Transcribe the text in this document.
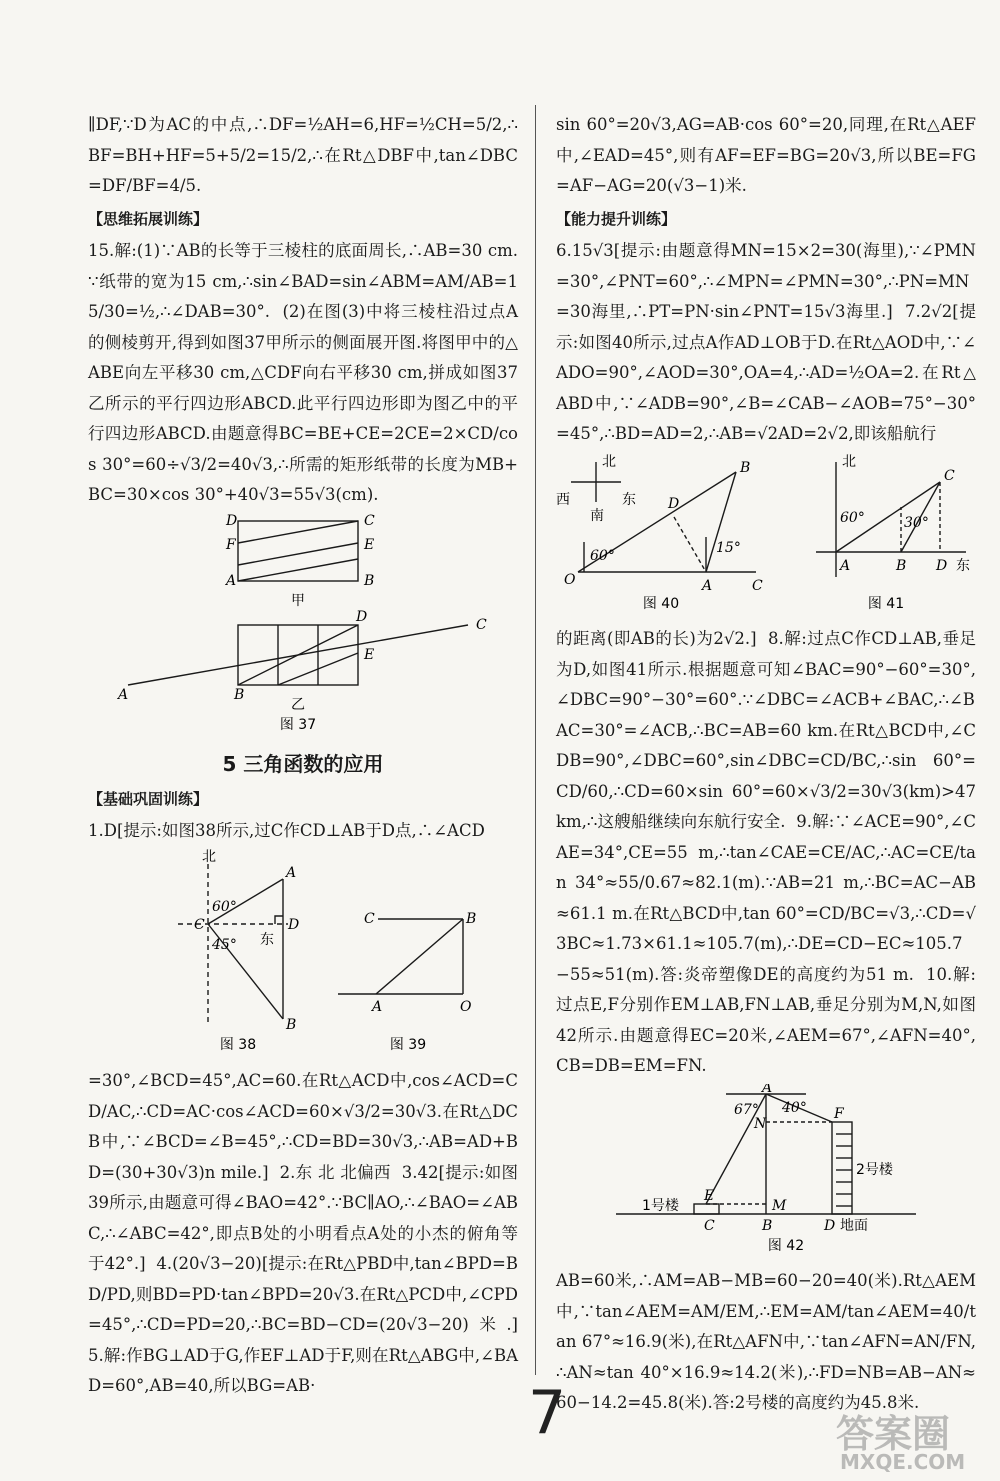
∥DF,∵D为AC的中点,∴DF=½AH=6,HF=½CH=5/2,∴BF=BH+HF=5+5/2=15/2,∴在Rt△DBF中,tan∠DBC=DF/BF=4/5.

【思维拓展训练】

15.解:(1)∵AB的长等于三棱柱的底面周长,∴AB=30 cm.∵纸带的宽为15 cm,∴sin∠BAD=sin∠ABM=AM/AB=15/30=½,∴∠DAB=30°.  (2)在图(3)中将三棱柱沿过点A的侧棱剪开,得到如图37甲所示的侧面展开图.将图甲中的△ABE向左平移30 cm,△CDF向右平移30 cm,拼成如图37乙所示的平行四边形ABCD.此平行四边形即为图乙中的平行四边形ABCD.由题意得BC=BE+CE=2CE=2×CD/cos 30°=60÷√3/2=40√3,∴所需的矩形纸带的长度为MB+BC=30×cos 30°+40√3=55√3(cm).

D	C
F	E
A	B
甲
D	C
E
A	B
乙
图 37
5 三角函数的应用
【基础巩固训练】

1.D[提示:如图38所示,过C作CD⊥AB于D点,∴∠ACD

北
A
C	D
B
东
60°
45°
图 38
C	B
A	O
图 39

=30°,∠BCD=45°,AC=60.在Rt△ACD中,cos∠ACD=CD/AC,∴CD=AC·cos∠ACD=60×√3/2=30√3.在Rt△DCB中,∵∠BCD=∠B=45°,∴CD=BD=30√3,∴AB=AD+BD=(30+30√3)n mile.]  2.东 北 北偏西  3.42[提示:如图39所示,由题意可得∠BAO=42°.∵BC∥AO,∴∠BAO=∠ABC,∴∠ABC=42°,即点B处的小明看点A处的小杰的俯角等于42°.]  4.(20√3−20)[提示:在Rt△PBD中,tan∠BPD=BD/PD,则BD=PD·tan∠BPD=20√3.在Rt△PCD中,∠CPD=45°,∴CD=PD=20,∴BC=BD−CD=(20√3−20)米.]  5.解:作BG⊥AD于G,作EF⊥AD于F,则在Rt△ABG中,∠BAD=60°,AB=40,所以BG=AB·

sin 60°=20√3,AG=AB·cos 60°=20,同理,在Rt△AEF中,∠EAD=45°,则有AF=EF=BG=20√3,所以BE=FG=AF−AG=20(√3−1)米.

【能力提升训练】

6.15√3[提示:由题意得MN=15×2=30(海里),∵∠PMN=30°,∠PNT=60°,∴∠MPN=∠PMN=30°,∴PN=MN=30海里,∴PT=PN·sin∠PNT=15√3海里.]  7.2√2[提示:如图40所示,过点A作AD⊥OB于D.在Rt△AOD中,∵∠ADO=90°,∠AOD=30°,OA=4,∴AD=½OA=2.在Rt△ABD中,∵∠ADB=90°,∠B=∠CAB−∠AOB=75°−30°=45°,∴BD=AD=2,∴AB=√2AD=2√2,即该船航行

北
西	东
南
D
B
O	A	C
60°	15°
图 40
北
C
A	B D 东
60°	30°
图 41

的距离(即AB的长)为2√2.]  8.解:过点C作CD⊥AB,垂足为D,如图41所示.根据题意可知∠BAC=90°−60°=30°,∠DBC=90°−30°=60°.∵∠DBC=∠ACB+∠BAC,∴∠BAC=30°=∠ACB,∴BC=AB=60 km.在Rt△BCD中,∠CDB=90°,∠DBC=60°,sin∠DBC=CD/BC,∴sin 60°=CD/60,∴CD=60×sin 60°=60×√3/2=30√3(km)>47 km,∴这艘船继续向东航行安全.  9.解:∵∠ACE=90°,∠CAE=34°,CE=55 m,∴tan∠CAE=CE/AC,∴AC=CE/tan 34°≈55/0.67≈82.1(m).∵AB=21 m,∴BC=AC−AB≈61.1 m.在Rt△BCD中,tan 60°=CD/BC=√3,∴CD=√3BC≈1.73×61.1≈105.7(m),∴DE=CD−EC≈105.7−55≈51(m).答:炎帝塑像DE的高度约为51 m.  10.解:过点E,F分别作EM⊥AB,FN⊥AB,垂足分别为M,N,如图42所示.由题意得EC=20米,∠AEM=67°,∠AFN=40°,CB=DB=EM=FN.

A
67° 40° F
N
E
M
C	B	D
1号楼
2号楼
地面
图 42

AB=60米,∴AM=AB−MB=60−20=40(米).Rt△AEM中,∵tan∠AEM=AM/EM,∴EM=AM/tan∠AEM=40/tan 67°≈16.9(米),在Rt△AFN中,∵tan∠AFN=AN/FN,∴AN≈tan 40°×16.9≈14.2(米),∴FD=NB=AB−AN≈60−14.2=45.8(米).答:2号楼的高度约为45.8米.

7	答案圈
MXQE.COM
